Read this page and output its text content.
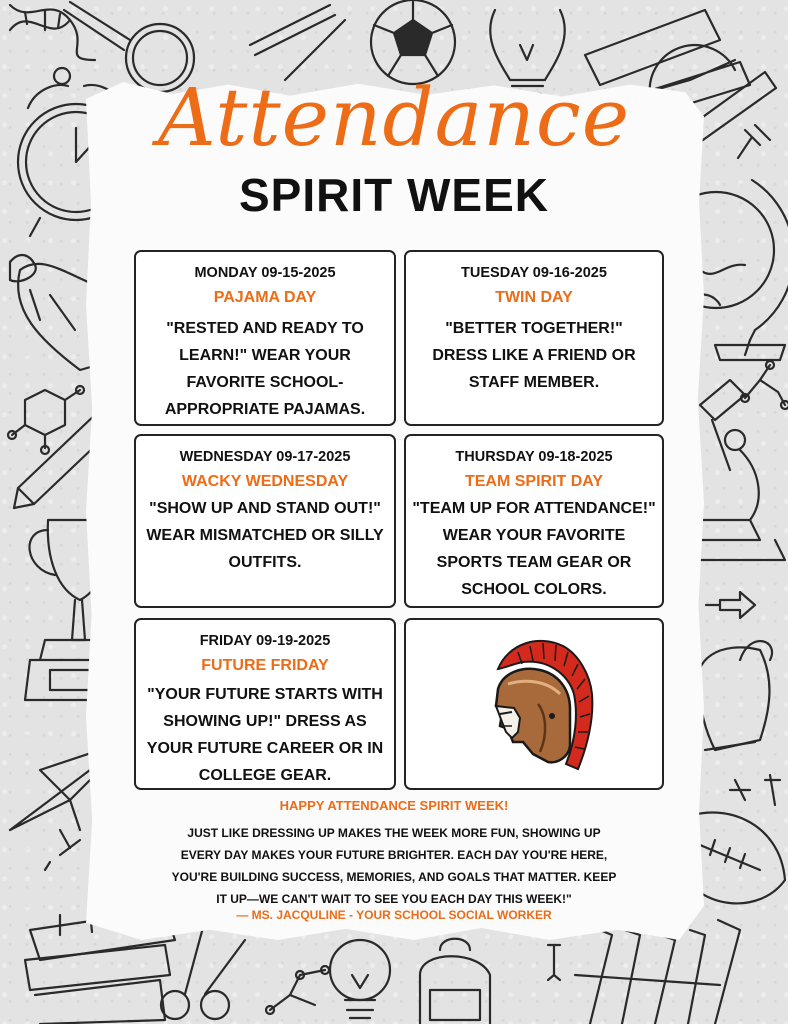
Attendance
SPIRIT WEEK
MONDAY 09-15-2025
PAJAMA DAY
"RESTED AND READY TO LEARN!" WEAR YOUR FAVORITE SCHOOL-APPROPRIATE PAJAMAS.
TUESDAY 09-16-2025
TWIN DAY
"BETTER TOGETHER!" DRESS LIKE A FRIEND OR STAFF MEMBER.
WEDNESDAY 09-17-2025
WACKY WEDNESDAY
"SHOW UP AND STAND OUT!" WEAR MISMATCHED OR SILLY OUTFITS.
THURSDAY 09-18-2025
TEAM SPIRIT DAY
"TEAM UP FOR ATTENDANCE!" WEAR YOUR FAVORITE SPORTS TEAM GEAR OR SCHOOL COLORS.
FRIDAY 09-19-2025
FUTURE FRIDAY
"YOUR FUTURE STARTS WITH SHOWING UP!" DRESS AS YOUR FUTURE CAREER OR IN COLLEGE GEAR.
HAPPY ATTENDANCE SPIRIT WEEK!
JUST LIKE DRESSING UP MAKES THE WEEK MORE FUN, SHOWING UP EVERY DAY MAKES YOUR FUTURE BRIGHTER. EACH DAY YOU'RE HERE, YOU'RE BUILDING SUCCESS, MEMORIES, AND GOALS THAT MATTER. KEEP IT UP—WE CAN'T WAIT TO SEE YOU EACH DAY THIS WEEK!"
— MS. JACQULINE - YOUR SCHOOL SOCIAL WORKER
